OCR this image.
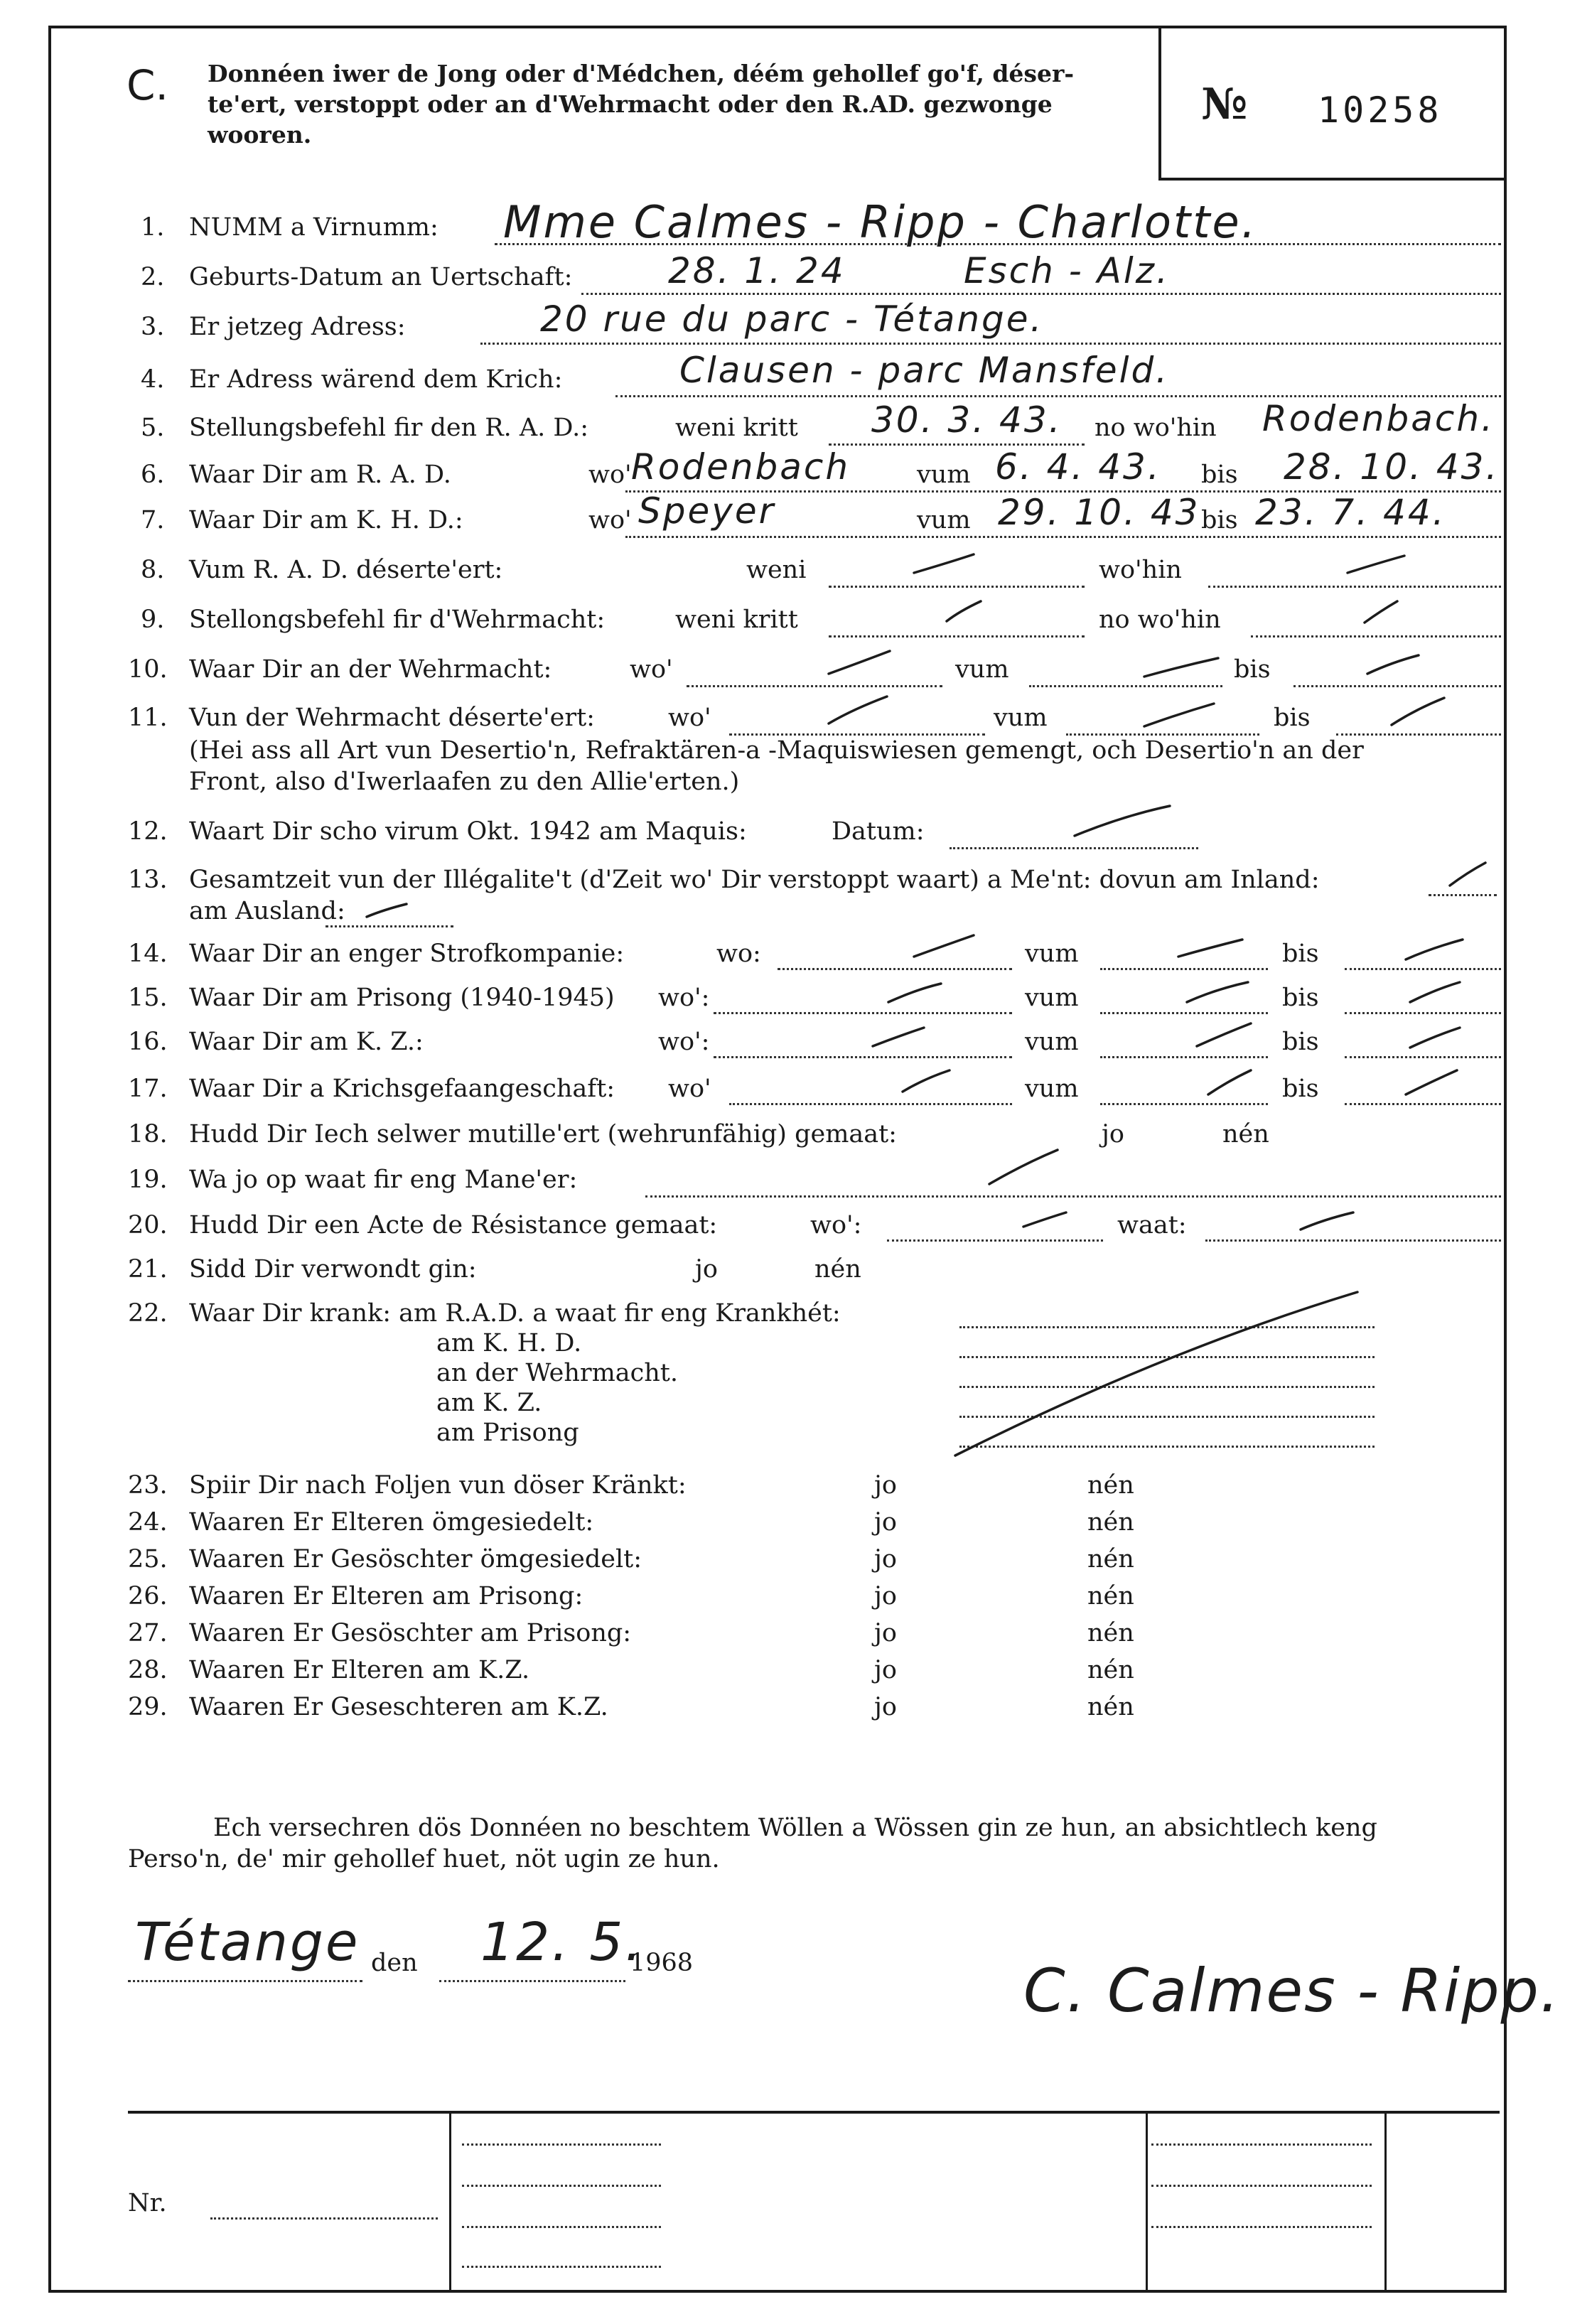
C. Donnéen iwer de Jong oder d'Médchen, déém gehollef go'f, déser-
te'ert, verstoppt oder an d'Wehrmacht oder den R.AD. gezwonge
wooren.
№ 10258
1. NUMM a Virnumm: Mme Calmes - Ripp - Charlotte.
2. Geburts-Datum an Uertschaft:	28. 1. 24	Esch - Alz.
3. Er jetzeg Adress:	20 rue du parc - Tétange.
4. Er Adress wärend dem Krich:	Clausen - parc Mansfeld.
5. Stellungsbefehl fir den R. A. D.:	weni kritt	no wo'hin
30. 3. 43.	Rodenbach.
6. Waar Dir am R. A. D.	wo'	vum	bis
Rodenbach	6. 4. 43.	28. 10. 43.
7. Waar Dir am K. H. D.:	wo'	vum	bis
Speyer	29. 10. 43 23. 7. 44.
8. Vum R. A. D. déserte'ert:	weni	wo'hin
9. Stellongsbefehl fir d'Wehrmacht:	weni kritt	no wo'hin
10. Waar Dir an der Wehrmacht:	wo'	vum	bis
11. Vun der Wehrmacht déserte'ert:	wo'	vum	bis
(Hei ass all Art vun Desertio'n, Refraktären-a -Maquiswiesen gemengt, och Desertio'n an der
Front, also d'Iwerlaafen zu den Allie'erten.)
12. Waart Dir scho virum Okt. 1942 am Maquis:	Datum:
13. Gesamtzeit vun der Illégalite't (d'Zeit wo' Dir verstoppt waart) a Me'nt: dovun am Inland:
am Ausland:
14. Waar Dir an enger Strofkompanie:	wo:	vum	bis
15. Waar Dir am Prisong (1940-1945) wo':	vum	bis
16. Waar Dir am K. Z.:	wo':	vum	bis
17. Waar Dir a Krichsgefaangeschaft: wo'	vum	bis
18. Hudd Dir Iech selwer mutille'ert (wehrunfähig) gemaat:	jo	nén
19. Wa jo op waat fir eng Mane'er:
20. Hudd Dir een Acte de Résistance gemaat:	wo':	waat:
21. Sidd Dir verwondt gin:	jo	nén
22. Waar Dir krank: am R.A.D. a waat fir eng Krankhét:
am K. H. D.
an der Wehrmacht.
am K. Z.
am Prisong
23. Spiir Dir nach Foljen vun döser Kränkt:	jo	nén
24. Waaren Er Elteren ömgesiedelt:	jo	nén
25. Waaren Er Gesöschter ömgesiedelt:	jo	nén
26. Waaren Er Elteren am Prisong:	jo	nén
27. Waaren Er Gesöschter am Prisong:	jo	nén
28. Waaren Er Elteren am K.Z.	jo	nén
29. Waaren Er Geseschteren am K.Z.	jo	nén
Ech versechren dös Donnéen no beschtem Wöllen a Wössen gin ze hun, an absichtlech keng
Perso'n, de' mir gehollef huet, nöt ugin ze hun.
Tétange den 12. 5.
1968	C. Calmes - Ripp.
Nr.
